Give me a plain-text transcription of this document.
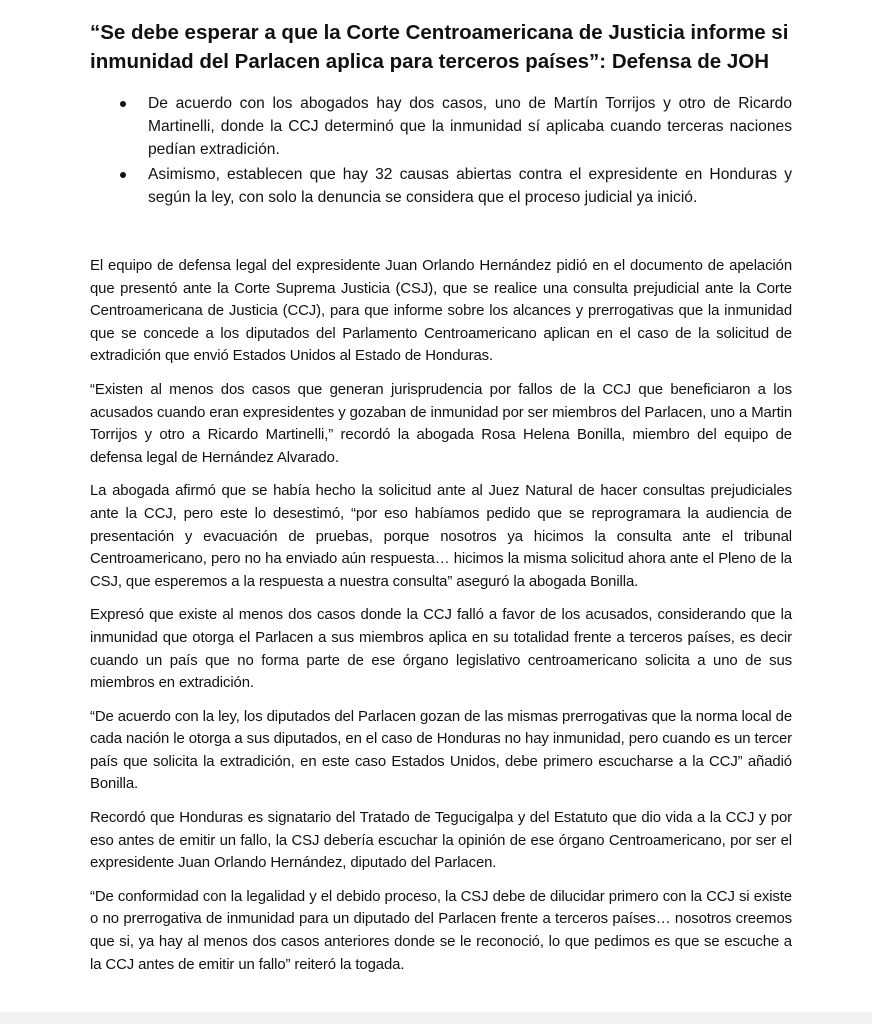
“Se debe esperar a que la Corte Centroamericana de Justicia informe si inmunidad del Parlacen aplica para terceros países”: Defensa de JOH
De acuerdo con los abogados hay dos casos, uno de Martín Torrijos y otro de Ricardo Martinelli, donde la CCJ determinó que la inmunidad sí aplicaba cuando terceras naciones pedían extradición.
Asimismo, establecen que hay 32 causas abiertas contra el expresidente en Honduras y según la ley, con solo la denuncia se considera que el proceso judicial ya inició.

El equipo de defensa legal del expresidente Juan Orlando Hernández pidió en el documento de apelación que presentó ante la Corte Suprema Justicia (CSJ), que se realice una consulta prejudicial ante la Corte Centroamericana de Justicia (CCJ), para que informe sobre los alcances y prerrogativas que la inmunidad que se concede a los diputados del Parlamento Centroamericano aplican en el caso de la solicitud de extradición que envió Estados Unidos al Estado de Honduras.

“Existen al menos dos casos que generan jurisprudencia por fallos de la CCJ que beneficiaron a los acusados cuando eran expresidentes y gozaban de inmunidad por ser miembros del Parlacen, uno a Martin Torrijos y otro a Ricardo Martinelli,” recordó la abogada Rosa Helena Bonilla, miembro del equipo de defensa legal de Hernández Alvarado.

La abogada afirmó que se había hecho la solicitud ante al Juez Natural de hacer consultas prejudiciales ante la CCJ, pero este lo desestimó, “por eso habíamos pedido que se reprogramara la audiencia de presentación y evacuación de pruebas, porque nosotros ya hicimos la consulta ante el tribunal Centroamericano, pero no ha enviado aún respuesta… hicimos la misma solicitud ahora ante el Pleno de la CSJ, que esperemos a la respuesta a nuestra consulta” aseguró la abogada Bonilla.

Expresó que existe al menos dos casos donde la CCJ falló a favor de los acusados, considerando que la inmunidad que otorga el Parlacen a sus miembros aplica en su totalidad frente a terceros países, es decir cuando un país que no forma parte de ese órgano legislativo centroamericano solicita a uno de sus miembros en extradición.

“De acuerdo con la ley, los diputados del Parlacen gozan de las mismas prerrogativas que la norma local de cada nación le otorga a sus diputados, en el caso de Honduras no hay inmunidad, pero cuando es un tercer país que solicita la extradición, en este caso Estados Unidos, debe primero escucharse a la CCJ” añadió Bonilla.

Recordó que Honduras es signatario del Tratado de Tegucigalpa y del Estatuto que dio vida a la CCJ y por eso antes de emitir un fallo, la CSJ debería escuchar la opinión de ese órgano Centroamericano, por ser el expresidente Juan Orlando Hernández, diputado del Parlacen.

“De conformidad con la legalidad y el debido proceso, la CSJ debe de dilucidar primero con la CCJ si existe o no prerrogativa de inmunidad para un diputado del Parlacen frente a terceros países… nosotros creemos que si, ya hay al menos dos casos anteriores donde se le reconoció, lo que pedimos es que se escuche a la CCJ antes de emitir un fallo” reiteró la togada.
